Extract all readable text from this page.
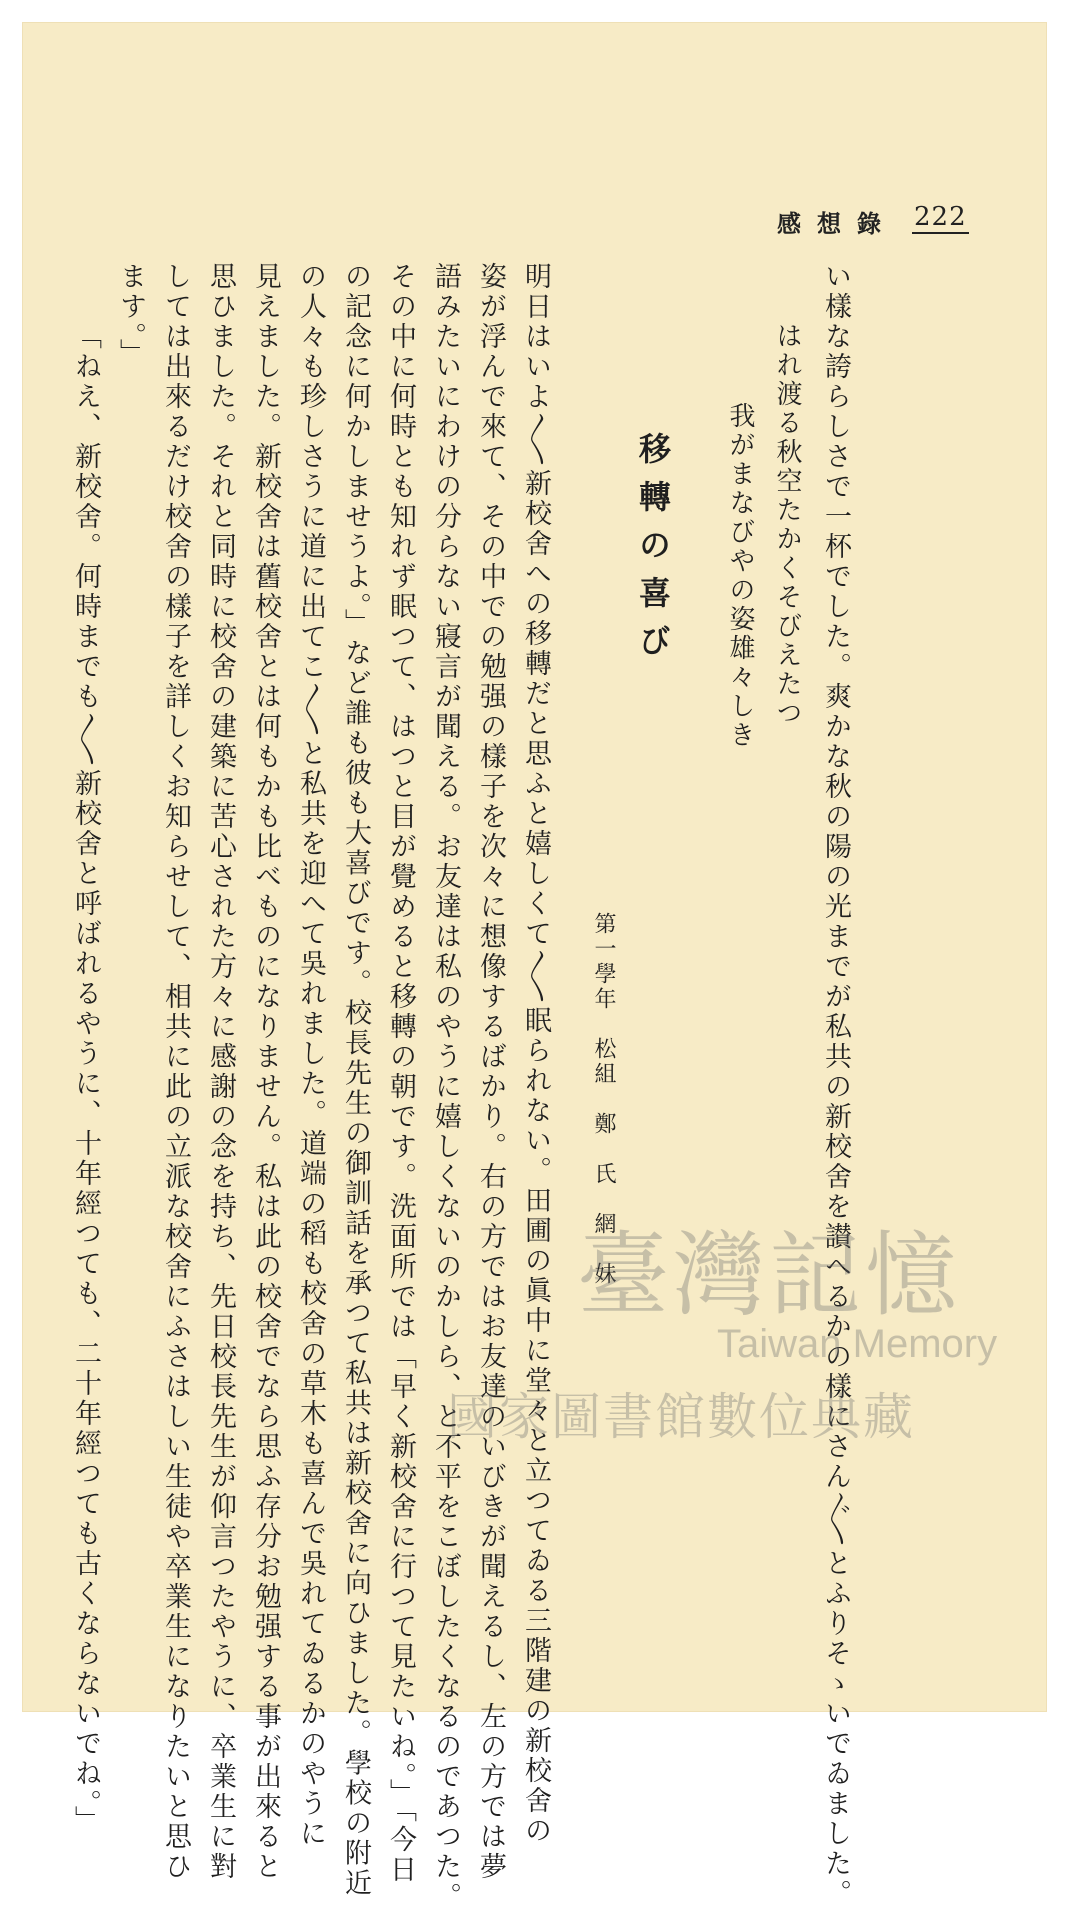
感想錄 222
い樣な誇らしさで一杯でした。爽かな秋の陽の光までが私共の新校舍を讃へるかの樣にさん〴〵とふりそゝいでゐました。
はれ渡る秋空たかくそびえたつ
我がまなびやの姿雄々しき
移轉の喜び
第一學年　松組　鄭　氏　網　妹
明日はいよ〳〵新校舍への移轉だと思ふと嬉しくて〳〵眠られない。田圃の眞中に堂々と立つてゐる三階建の新校舍の
姿が浮んで來て、その中での勉强の樣子を次々に想像するばかり。右の方ではお友達のいびきが聞えるし、左の方では夢
語みたいにわけの分らない寢言が聞える。お友達は私のやうに嬉しくないのかしら、と不平をこぼしたくなるのであつた。
その中に何時とも知れず眠つて、はつと目が覺めると移轉の朝です。洗面所では「早く新校舍に行つて見たいね。」「今日
の記念に何かしませうよ。」など誰も彼も大喜びです。校長先生の御訓話を承つて私共は新校舍に向ひました。學校の附近
の人々も珍しさうに道に出てこ〳〵と私共を迎へて吳れました。道端の稻も校舍の草木も喜んで吳れてゐるかのやうに
見えました。新校舍は舊校舍とは何もかも比べものになりません。私は此の校舍でなら思ふ存分お勉强する事が出來ると
思ひました。それと同時に校舍の建築に苦心された方々に感謝の念を持ち、先日校長先生が仰言つたやうに、卒業生に對
しては出來るだけ校舍の樣子を詳しくお知らせして、相共に此の立派な校舍にふさはしい生徒や卒業生になりたいと思ひ
ます。」
「ねえ、新校舍。何時までも〳〵新校舍と呼ばれるやうに、十年經つても、二十年經つても古くならないでね。」	臺灣記憶
Taiwan Memory
國家圖書館數位典藏
